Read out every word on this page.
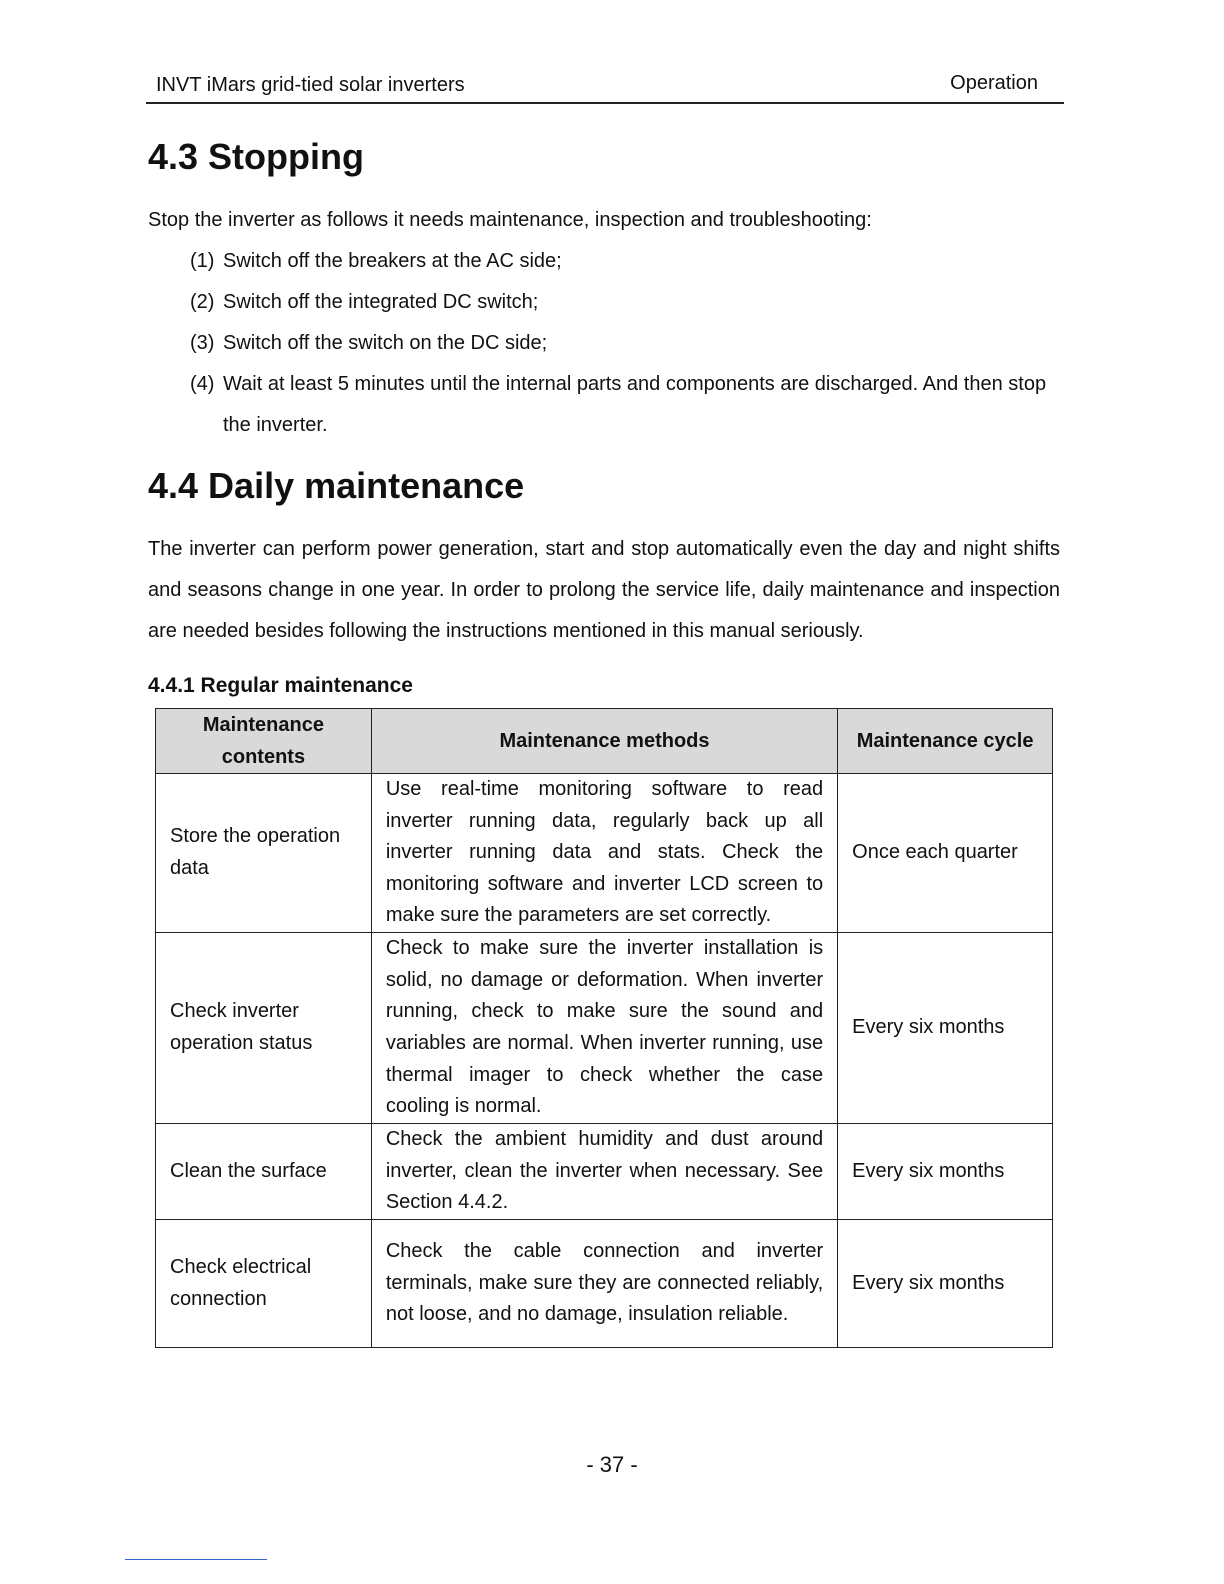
INVT iMars grid-tied solar inverters	Operation
4.3 Stopping

Stop the inverter as follows it needs maintenance, inspection and troubleshooting:

(1) Switch off the breakers at the AC side;
(2) Switch off the integrated DC switch;
(3) Switch off the switch on the DC side;
(4) Wait at least 5 minutes until the internal parts and components are discharged. And then stop the inverter.
4.4 Daily maintenance

The inverter can perform power generation, start and stop automatically even the day and night shifts and seasons change in one year. In order to prolong the service life, daily maintenance and inspection are needed besides following the instructions mentioned in this manual seriously.

4.4.1 Regular maintenance
Maintenance contents	Maintenance methods	Maintenance cycle
Store the operation data	Use real-time monitoring software to read inverter running data, regularly back up all inverter running data and stats. Check the monitoring software and inverter LCD screen to make sure the parameters are set correctly.	Once each quarter
Check inverter operation status	Check to make sure the inverter installation is solid, no damage or deformation. When inverter running, check to make sure the sound and variables are normal. When inverter running, use thermal imager to check whether the case cooling is normal.	Every six months
Clean the surface	Check the ambient humidity and dust around inverter, clean the inverter when necessary. See Section 4.4.2.	Every six months
Check electrical connection	Check the cable connection and inverter terminals, make sure they are connected reliably, not loose, and no damage, insulation reliable.	Every six months
- 37 -
